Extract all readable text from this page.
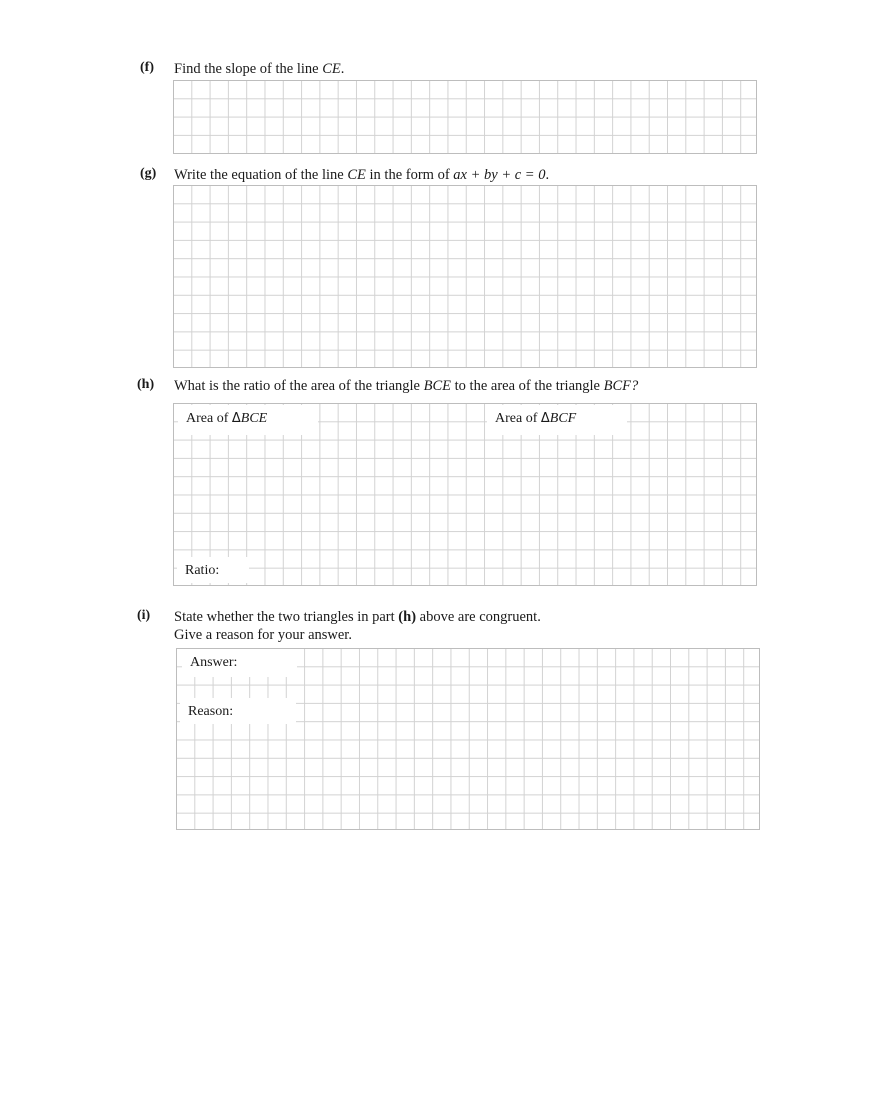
(f) Find the slope of the line CE.
(g) Write the equation of the line CE in the form of ax + by + c = 0.
(h) What is the ratio of the area of the triangle BCE to the area of the triangle BCF?
Area of ΔBCE	Area of ΔBCF
Ratio:
(i) State whether the two triangles in part (h) above are congruent.
Give a reason for your answer.
Answer:
Reason:
